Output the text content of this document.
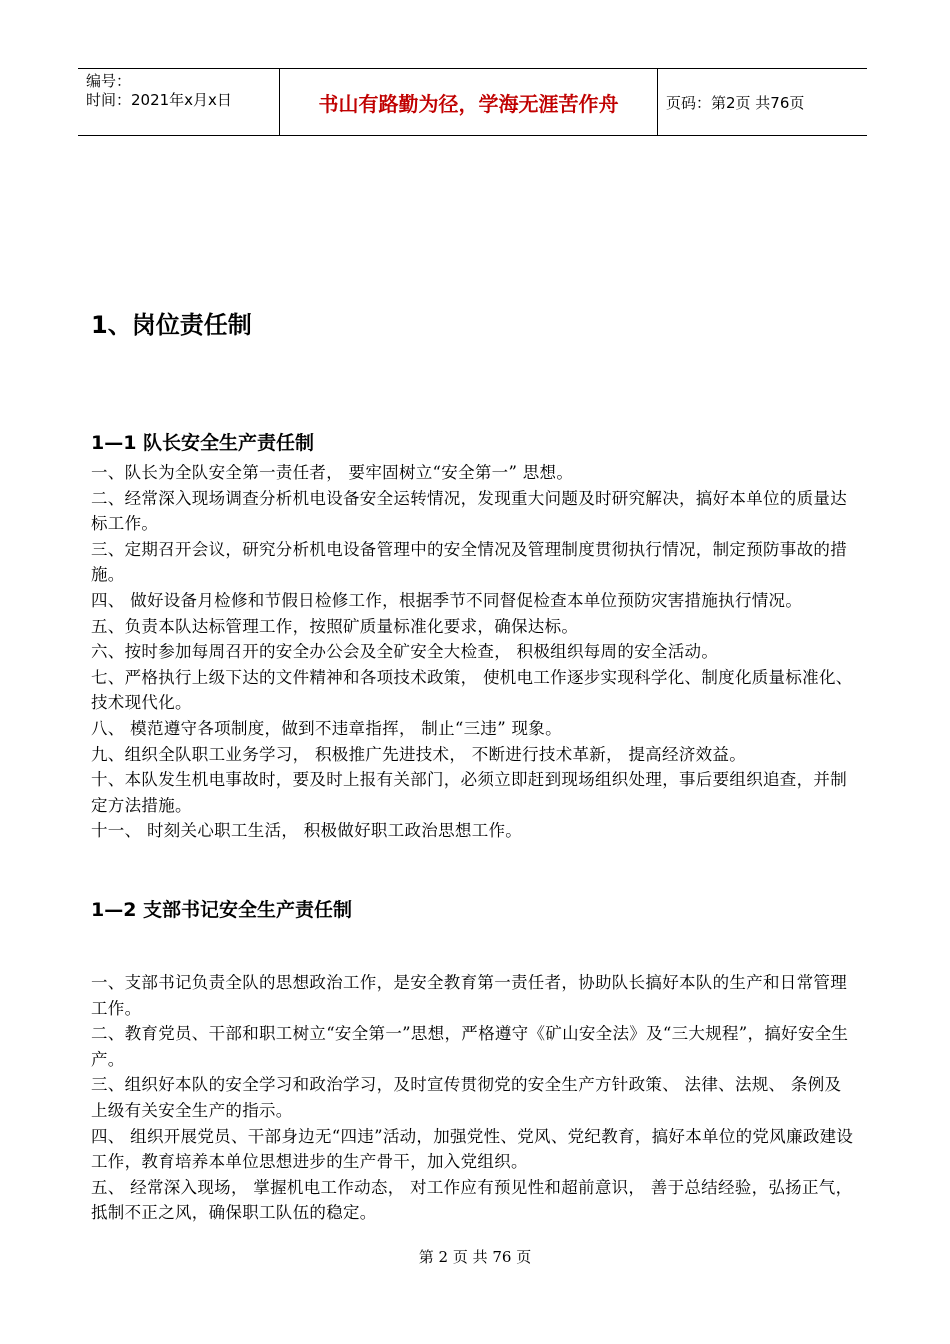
编号：
时间：2021年x月x日	书山有路勤为径，学海无涯苦作舟	页码：第2页 共76页
1、岗位责任制
1—1 队长安全生产责任制

一、队长为全队安全第一责任者， 要牢固树立“安全第一” 思想。

二、经常深入现场调查分析机电设备安全运转情况，发现重大问题及时研究解决，搞好本单位的质量达标工作。

三、定期召开会议，研究分析机电设备管理中的安全情况及管理制度贯彻执行情况，制定预防事故的措施。

四、 做好设备月检修和节假日检修工作，根据季节不同督促检查本单位预防灾害措施执行情况。

五、负责本队达标管理工作，按照矿质量标准化要求，确保达标。

六、按时参加每周召开的安全办公会及全矿安全大检查， 积极组织每周的安全活动。

七、严格执行上级下达的文件精神和各项技术政策， 使机电工作逐步实现科学化、制度化质量标准化、技术现代化。

八、 模范遵守各项制度，做到不违章指挥， 制止“三违” 现象。

九、组织全队职工业务学习， 积极推广先进技术， 不断进行技术革新， 提高经济效益。

十、本队发生机电事故时，要及时上报有关部门，必须立即赶到现场组织处理，事后要组织追查，并制定方法措施。

十一、 时刻关心职工生活， 积极做好职工政治思想工作。

1—2 支部书记安全生产责任制

一、支部书记负责全队的思想政治工作，是安全教育第一责任者，协助队长搞好本队的生产和日常管理工作。

二、教育党员、干部和职工树立“安全第一”思想，严格遵守《矿山安全法》及“三大规程”，搞好安全生产。

三、组织好本队的安全学习和政治学习，及时宣传贯彻党的安全生产方针政策、 法律、法规、 条例及上级有关安全生产的指示。

四、 组织开展党员、干部身边无“四违”活动，加强党性、党风、党纪教育，搞好本单位的党风廉政建设工作，教育培养本单位思想进步的生产骨干，加入党组织。

五、 经常深入现场， 掌握机电工作动态， 对工作应有预见性和超前意识， 善于总结经验，弘扬正气，抵制不正之风，确保职工队伍的稳定。

第 2 页 共 76 页
